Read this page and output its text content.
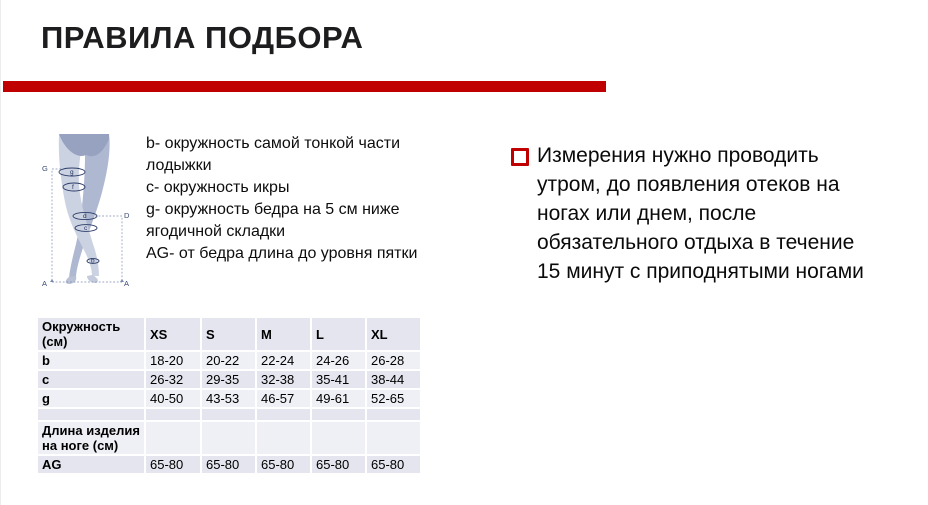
ПРАВИЛА ПОДБОРА
g
f
d
c
b
G
D
A	A

b- окружность самой тонкой части лодыжки

c- окружность икры

g- окружность бедра на 5 см ниже ягодичной складки

AG- от бедра длина до уровня пятки

Измерения нужно проводить утром, до появления отеков на ногах или днем, после обязательного отдыха в течение 15 минут с приподнятыми ногами

Окружность (см)	XS	S	M	L	XL
b	18-20	20-22	22-24	24-26	26-28
c	26-32	29-35	32-38	35-41	38-44
g	40-50	43-53	46-57	49-61	52-65

Длина изделия на ноге (см)					
AG	65-80	65-80	65-80	65-80	65-80
